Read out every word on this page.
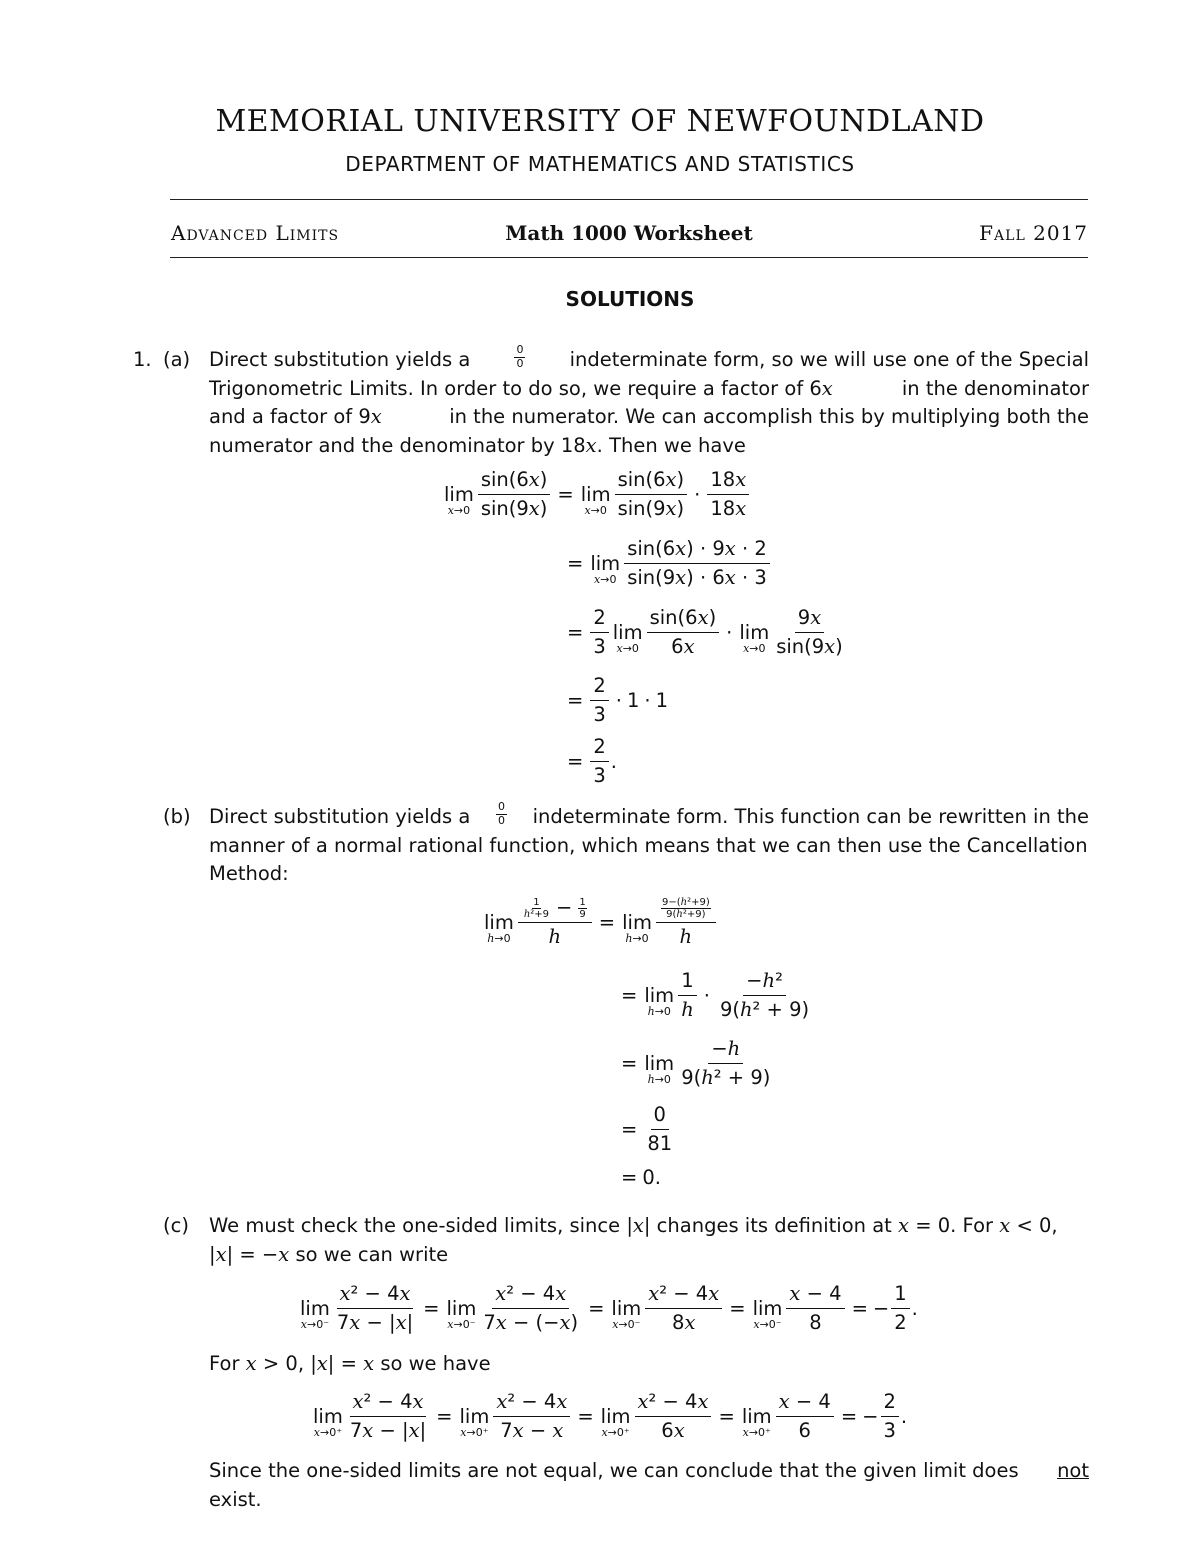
MEMORIAL UNIVERSITY OF NEWFOUNDLAND
DEPARTMENT OF MATHEMATICS AND STATISTICS
Advanced Limits	Math 1000 Worksheet	Fall 2017
SOLUTIONS
1. (a) Direct substitution yields a	$\frac{0}{0}$ indeterminate form, so we will use one of the Special
Trigonometric Limits. In order to do so, we require a factor of 6x	in the denominator
and a factor of 9x	in the numerator. We can accomplish this by multiplying both the
numerator and the denominator by 18x. Then we have
lim
$x\to 0 \frac{\sin(6x)}{\sin(9x)} = \lim$
$x\to 0 \frac{\sin(6x)}{\sin(9x)} \cdot \frac{18x}{18x}$
= lim
$x\to 0 \frac{\sin(6x) \cdot 9x \cdot 2}{\sin(9x) \cdot 6x \cdot 3}$
= $\frac{2}{3}$ lim
$x\to 0 \frac{\sin(6x)}{6x} \cdot \lim$
$x\to 0 \frac{9x}{\sin(9x)}$
= $\frac{2}{3} \cdot 1 \cdot 1$
= $\frac{2}{3}$ .
(b) Direct substitution yields a $\frac{0}{0}$ indeterminate form. This function can be rewritten in the
manner of a normal rational function, which means that we can then use the Cancellation
Method:
lim
$h\to 0 \frac{\frac{1}{\text{h²+9}} - \frac{1}{9}}{h} = \lim$
$h\to 0 \frac{\frac{\text{9−(h²+9)}}{\text{9(h²+9)}}}{h}$
= lim
$h\to 0 \frac{1}{h} \cdot \frac{\text{−h²}}{\text{9(h² + 9)}}$
= lim
$h\to 0 \frac{-h}{\text{9(h² + 9)}}$
= $\frac{0}{81}$
= 0.
(c) We must check the one-sided limits, since |x| changes its definition at x = 0. For x < 0,
|x| = −x so we can write
lim
$x\to 0^- \frac{\text{x² − 4x}}{7x - |x|} = \lim$
$x\to 0^- \frac{\text{x² − 4x}}{7x - (-x)} = \lim$
$x\to 0^- \frac{\text{x² − 4x}}{8x} = \lim$
$x\to 0^- \frac{x - 4}{8}$ = − $\frac{1}{2}$ .
For x > 0, |x| = x so we have
lim
$x\to 0^+ \frac{\text{x² − 4x}}{7x - |x|} = \lim$
$x\to 0^+ \frac{\text{x² − 4x}}{7x - x} = \lim$
$x\to 0^+ \frac{\text{x² − 4x}}{6x} = \lim$
$x\to 0^+ \frac{x - 4}{6}$ = − $\frac{2}{3}$ .
Since the one-sided limits are not equal, we can conclude that the given limit does not
exist.
